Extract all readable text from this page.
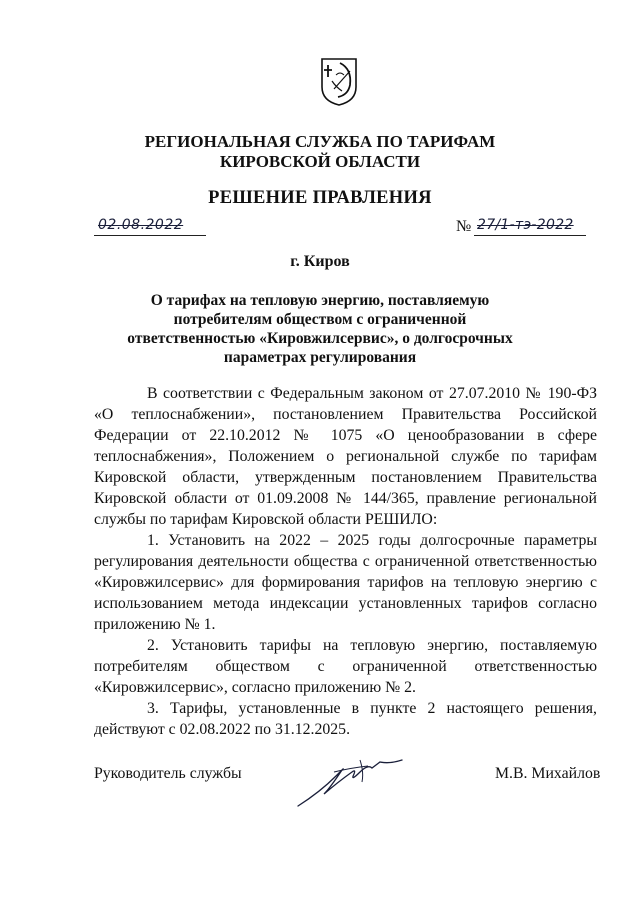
РЕГИОНАЛЬНАЯ СЛУЖБА ПО ТАРИФАМ
КИРОВСКОЙ ОБЛАСТИ
РЕШЕНИЕ ПРАВЛЕНИЯ
02.08.2022	№ 27/1-тэ-2022
г. Киров
О тарифах на тепловую энергию, поставляемую
потребителям обществом с ограниченной
ответственностью «Кировжилсервис», о долгосрочных
параметрах регулирования

В соответствии с Федеральным законом от 27.07.2010 № 190-ФЗ «О теплоснабжении», постановлением Правительства Российской Федерации от 22.10.2012 № 1075 «О ценообразовании в сфере теплоснабжения», Положением о региональной службе по тарифам Кировской области, утвержденным постановлением Правительства Кировской области от 01.09.2008 № 144/365, правление региональной службы по тарифам Кировской области РЕШИЛО:

1. Установить на 2022 – 2025 годы долгосрочные параметры регулирования деятельности общества с ограниченной ответственностью «Кировжилсервис» для формирования тарифов на тепловую энергию с использованием метода индексации установленных тарифов согласно приложению № 1.

2. Установить тарифы на тепловую энергию, поставляемую потребителям обществом с ограниченной ответственностью «Кировжилсервис», согласно приложению № 2.

3. Тарифы, установленные в пункте 2 настоящего решения, действуют с 02.08.2022 по 31.12.2025.

Руководитель службы	М.В. Михайлов
